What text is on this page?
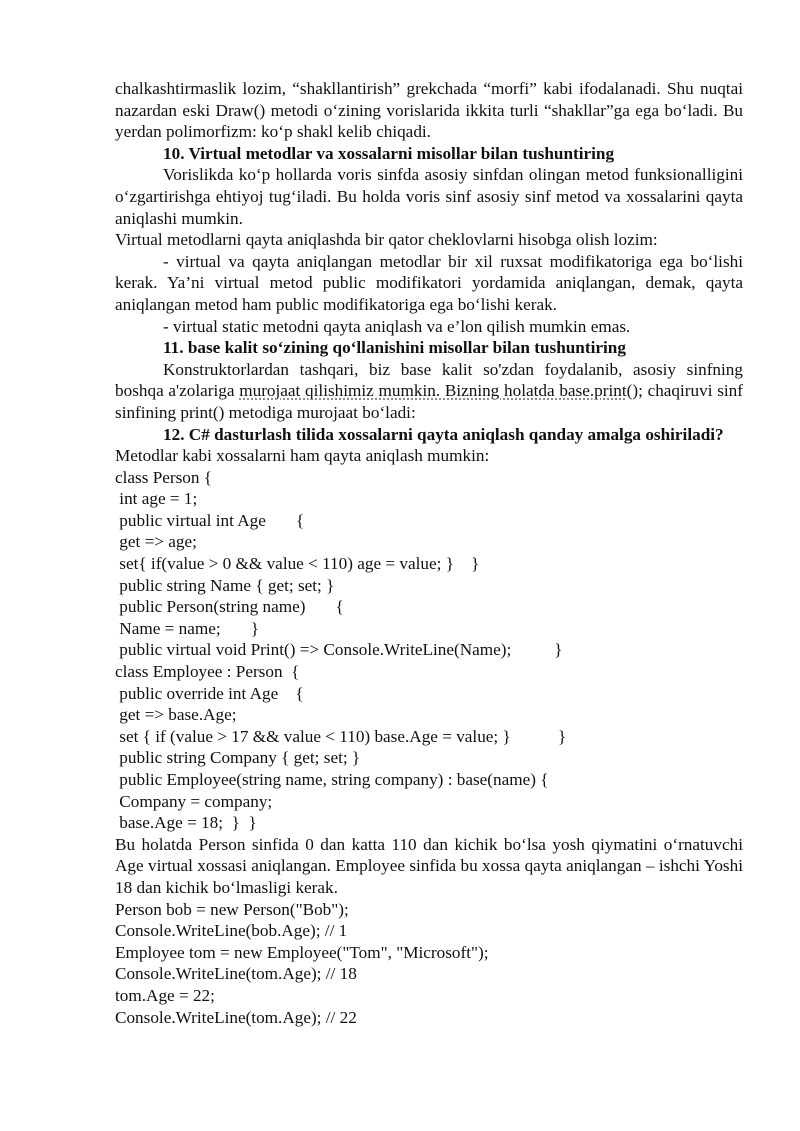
chalkashtirmaslik lozim, “shakllantirish” grekchada “morfi” kabi ifodalanadi. Shu nuqtai nazardan eski Draw() metodi o‘zining vorislarida ikkita turli “shakllar”ga ega bo‘ladi. Bu yerdan polimorfizm: ko‘p shakl kelib chiqadi.

10. Virtual metodlar va xossalarni misollar bilan tushuntiring

Vorislikda ko‘p hollarda voris sinfda asosiy sinfdan olingan metod funksionalligini o‘zgartirishga ehtiyoj tug‘iladi. Bu holda voris sinf asosiy sinf metod va xossalarini qayta aniqlashi mumkin.

Virtual metodlarni qayta aniqlashda bir qator cheklovlarni hisobga olish lozim:

- virtual va qayta aniqlangan metodlar bir xil ruxsat modifikatoriga ega bo‘lishi kerak. Ya’ni virtual metod public modifikatori yordamida aniqlangan, demak, qayta aniqlangan metod ham public modifikatoriga ega bo‘lishi kerak.

- virtual static metodni qayta aniqlash va e’lon qilish mumkin emas.

11. base kalit so‘zining qo‘llanishini misollar bilan tushuntiring

Konstruktorlardan tashqari, biz base kalit so'zdan foydalanib, asosiy sinfning boshqa a'zolariga murojaat qilishimiz mumkin. Bizning holatda base.print(); chaqiruvi sinf sinfining print() metodiga murojaat bo‘ladi:

12. C# dasturlash tilida xossalarni qayta aniqlash qanday amalga oshiriladi?

Metodlar kabi xossalarni ham qayta aniqlash mumkin:

class Person {

int age = 1;

public virtual int Age       {

get => age;

set{ if(value > 0 && value < 110) age = value; }    }

public string Name { get; set; }

public Person(string name)       {

Name = name;       }

public virtual void Print() => Console.WriteLine(Name);          }

class Employee : Person  {

public override int Age    {

get => base.Age;

set { if (value > 17 && value < 110) base.Age = value; }           }

public string Company { get; set; }

public Employee(string name, string company) : base(name) {

Company = company;

base.Age = 18;  }  }

Bu holatda Person sinfida 0 dan katta 110 dan kichik bo‘lsa yosh qiymatini o‘rnatuvchi Age virtual xossasi aniqlangan. Employee sinfida bu xossa qayta aniqlangan – ishchi Yoshi 18 dan kichik bo‘lmasligi kerak.

Person bob = new Person("Bob");

Console.WriteLine(bob.Age); // 1

Employee tom = new Employee("Tom", "Microsoft");

Console.WriteLine(tom.Age); // 18

tom.Age = 22;

Console.WriteLine(tom.Age); // 22
